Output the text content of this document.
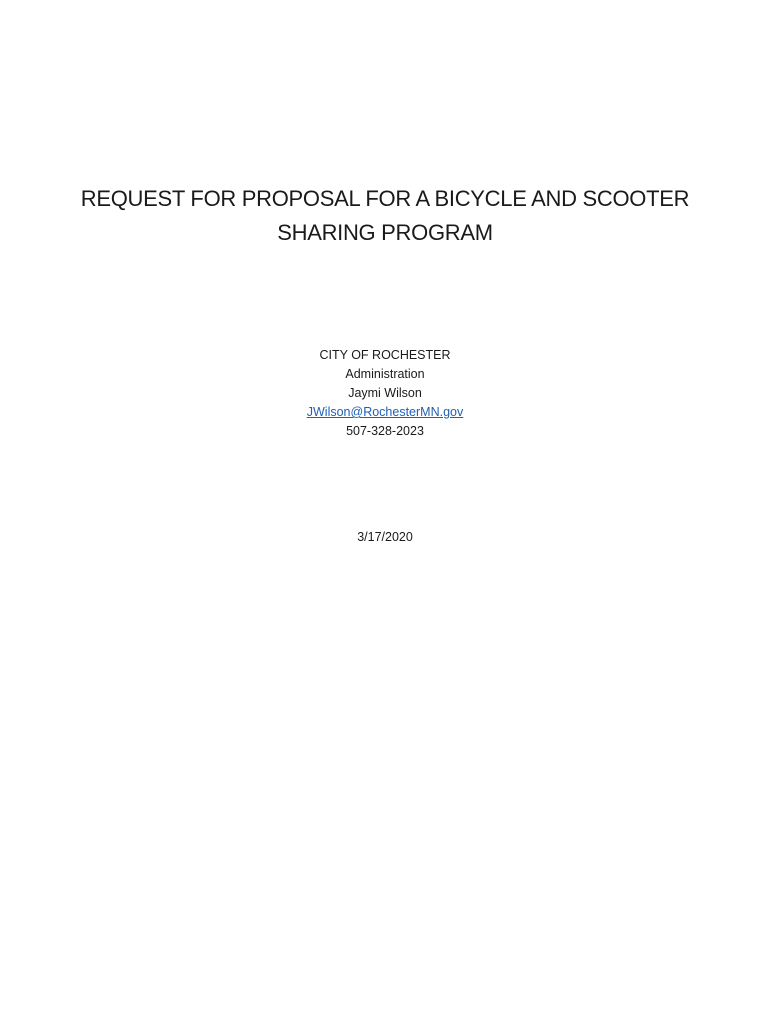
REQUEST FOR PROPOSAL FOR A BICYCLE AND SCOOTER
SHARING PROGRAM
CITY OF ROCHESTER
Administration
Jaymi Wilson
JWilson@RochesterMN.gov
507-328-2023
3/17/2020
